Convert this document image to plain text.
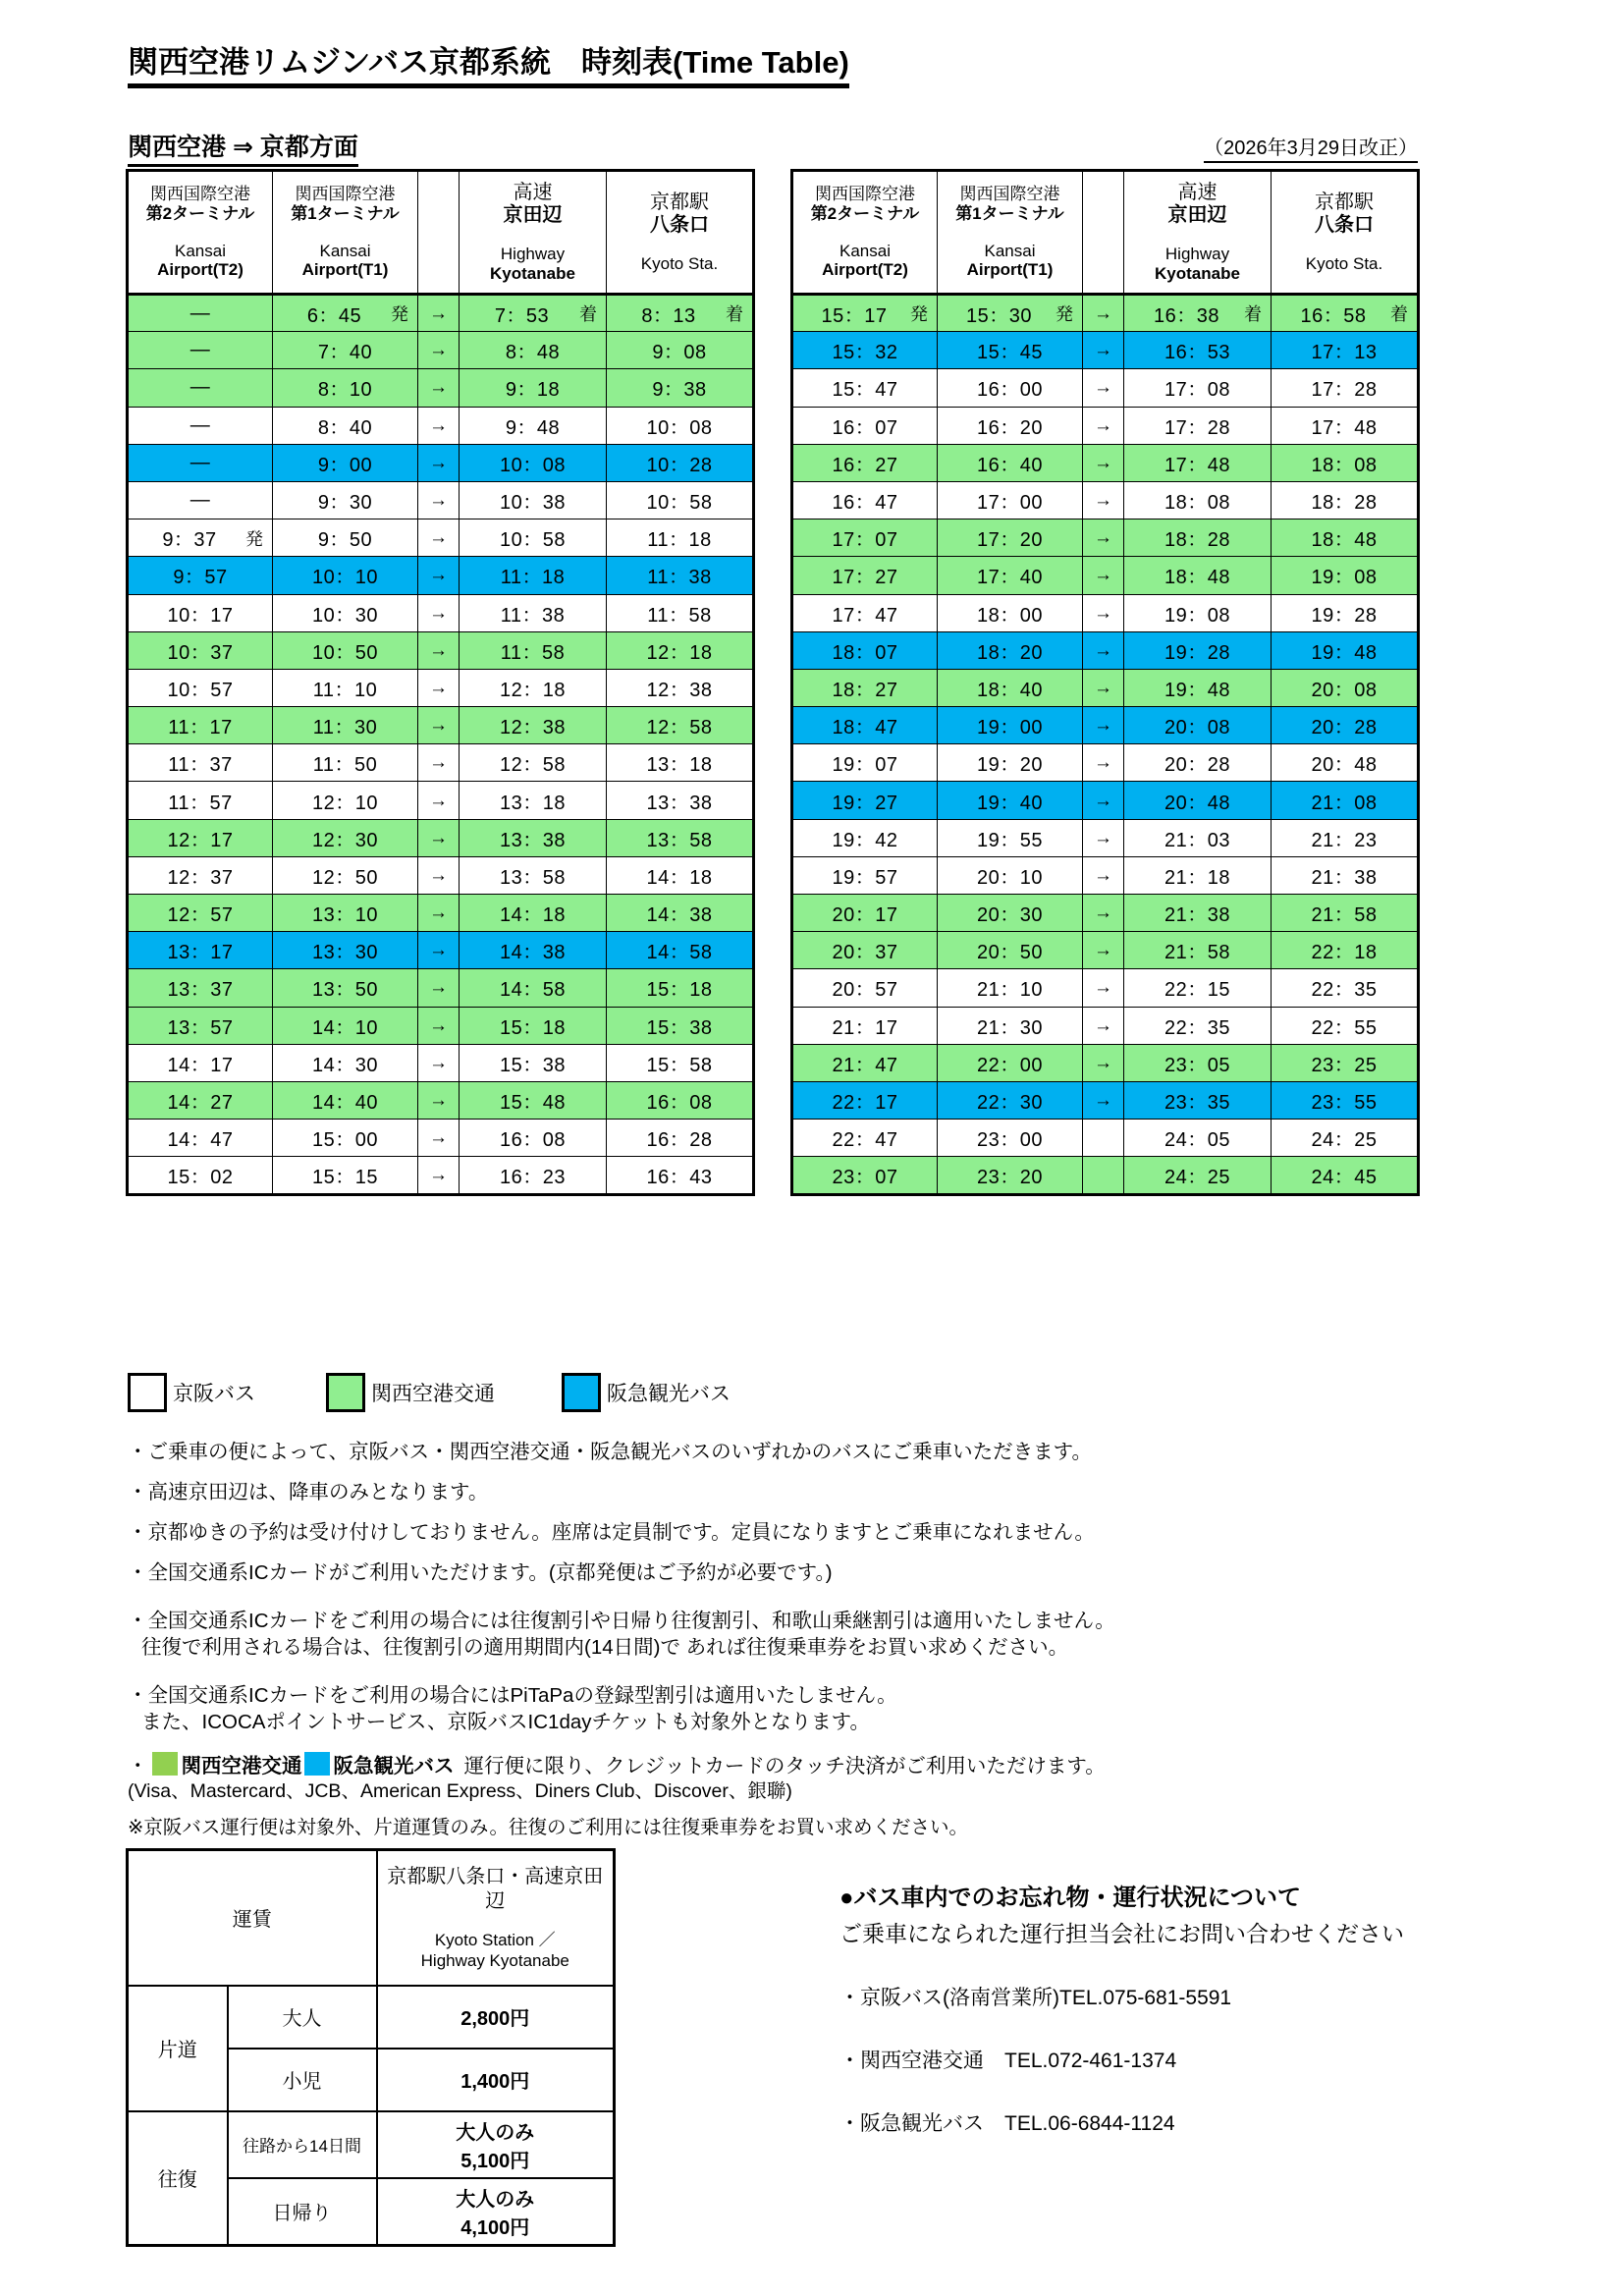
関西空港リムジンバス京都系統　時刻表(Time Table)
関西空港 ⇒ 京都方面	（2026年3月29日改正）
関西国際空港
第2ターミナル
Kansai
Airport(T2)	関西国際空港
第1ターミナル
Kansai
Airport(T1)		高速
京田辺
Highway
Kyotanabe	京都駅
八条口
Kyoto Sta.

―	6：45 発	→	7：53 着	8：13 着

―	7：40	→	8：48	9：08
―	8：10	→	9：18	9：38
―	8：40	→	9：48	10：08
―	9：00	→	10：08	10：28
―	9：30	→	10：38	10：58
9：37 発	9：50	→	10：58	11：18
9：57	10：10	→	11：18	11：38
10：17	10：30	→	11：38	11：58
10：37	10：50	→	11：58	12：18
10：57	11：10	→	12：18	12：38
11：17	11：30	→	12：38	12：58
11：37	11：50	→	12：58	13：18
11：57	12：10	→	13：18	13：38
12：17	12：30	→	13：38	13：58
12：37	12：50	→	13：58	14：18
12：57	13：10	→	14：18	14：38
13：17	13：30	→	14：38	14：58
13：37	13：50	→	14：58	15：18
13：57	14：10	→	15：18	15：38
14：17	14：30	→	15：38	15：58
14：27	14：40	→	15：48	16：08
14：47	15：00	→	16：08	16：28
15：02	15：15	→	16：23	16：43
関西国際空港
第2ターミナル
Kansai
Airport(T2)	関西国際空港
第1ターミナル
Kansai
Airport(T1)		高速
京田辺
Highway
Kyotanabe	京都駅
八条口
Kyoto Sta.

15：17 発	15：30 発	→	16：38 着	16：58 着

15：32	15：45	→	16：53	17：13
15：47	16：00	→	17：08	17：28
16：07	16：20	→	17：28	17：48
16：27	16：40	→	17：48	18：08
16：47	17：00	→	18：08	18：28
17：07	17：20	→	18：28	18：48
17：27	17：40	→	18：48	19：08
17：47	18：00	→	19：08	19：28
18：07	18：20	→	19：28	19：48
18：27	18：40	→	19：48	20：08
18：47	19：00	→	20：08	20：28
19：07	19：20	→	20：28	20：48
19：27	19：40	→	20：48	21：08
19：42	19：55	→	21：03	21：23
19：57	20：10	→	21：18	21：38
20：17	20：30	→	21：38	21：58
20：37	20：50	→	21：58	22：18
20：57	21：10	→	22：15	22：35
21：17	21：30	→	22：35	22：55
21：47	22：00	→	23：05	23：25
22：17	22：30	→	23：35	23：55
22：47	23：00		24：05	24：25
23：07	23：20		24：25	24：45
京阪バス	関西空港交通	阪急観光バス
・ご乗車の便によって、京阪バス・関西空港交通・阪急観光バスのいずれかのバスにご乗車いただきます。
・高速京田辺は、降車のみとなります。
・京都ゆきの予約は受け付けしておりません。座席は定員制です。定員になりますとご乗車になれません。
・全国交通系ICカードがご利用いただけます。(京都発便はご予約が必要です。)
・全国交通系ICカードをご利用の場合には往復割引や日帰り往復割引、和歌山乗継割引は適用いたしません。
往復で利用される場合は、往復割引の適用期間内(14日間)で あれば往復乗車券をお買い求めください。
・全国交通系ICカードをご利用の場合にはPiTaPaの登録型割引は適用いたしません。
また、ICOCAポイントサービス、京阪バスIC1dayチケットも対象外となります。
・ 関西空港交通 阪急観光バス 運行便に限り、クレジットカードのタッチ決済がご利用いただけます。
(Visa、Mastercard、JCB、American Express、Diners Club、Discover、銀聯)
※京阪バス運行便は対象外、片道運賃のみ。往復のご利用には往復乗車券をお買い求めください。
運賃		京都駅八条口・高速京田辺
Kyoto Station ／
Highway Kyotanabe

片道	大人	2,800円
	小児	1,400円
往復	往路から14日間	大人のみ
5,100円

	日帰り	大人のみ
4,100円
●バス車内でのお忘れ物・運行状況について
ご乗車になられた運行担当会社にお問い合わせください
・京阪バス(洛南営業所)TEL.075-681-5591
・関西空港交通　TEL.072-461-1374
・阪急観光バス　TEL.06-6844-1124
